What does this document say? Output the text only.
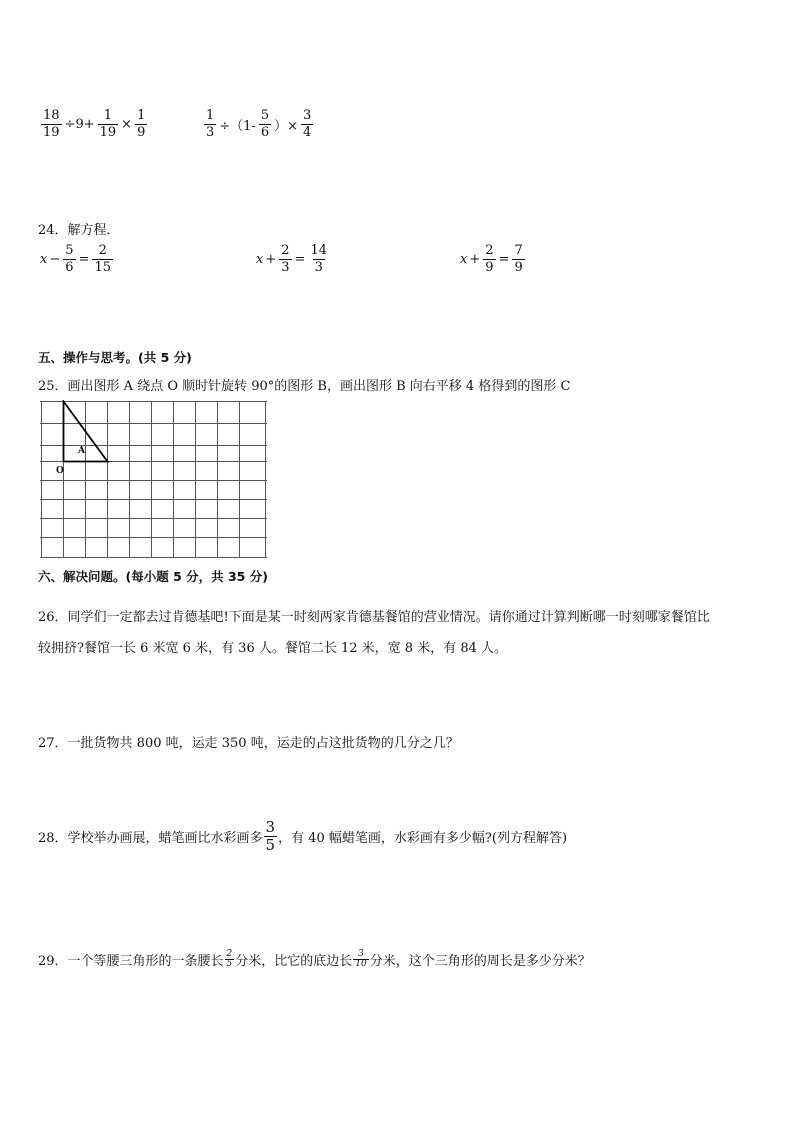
$\frac{18}{19} \div 9+ \frac{1}{19} \times \frac{1}{9}$	$\frac{1}{3} \div(1- \frac{5}{6}$ ）× $\frac{3}{4}$
24．解方程．
$x - \frac{5}{6} = \frac{2}{15}$	$x + \frac{2}{3} = \frac{14}{3}$	$x + \frac{2}{9} = \frac{7}{9}$
五、操作与思考。(共 5 分)
25．画出图形 A 绕点 O 顺时针旋转 90°的图形 B，画出图形 B 向右平移 4 格得到的图形 C
A
O
六、解决问题。(每小题 5 分，共 35 分)
26．同学们一定都去过肯德基吧!下面是某一时刻两家肯德基餐馆的营业情况。请你通过计算判断哪一时刻哪家餐馆比
较拥挤?餐馆一长 6 米宽 6 米，有 36 人。餐馆二长 12 米，宽 8 米，有 84 人。
27．一批货物共 800 吨，运走 350 吨，运走的占这批货物的几分之几？
28．学校举办画展，蜡笔画比水彩画多 $\frac{3}{5}$ ，有 40 幅蜡笔画，水彩画有多少幅?(列方程解答)
29．一个等腰三角形的一条腰长 $\frac{2}{5}$ 分米，比它的底边长 $\frac{3}{10}$ 分米，这个三角形的周长是多少分米？
